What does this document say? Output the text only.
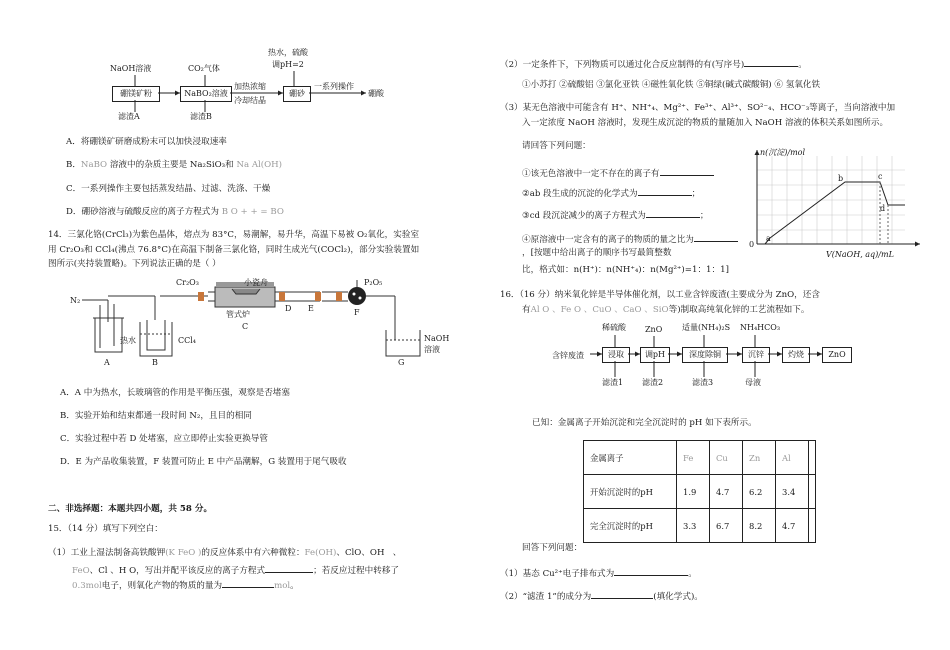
NaOH溶液	CO₂气体
热水，硫酸
调pH=2
硼镁矿粉	NaBO₂溶液	硼砂
加热浓缩
冷却结晶
一系列操作
硼酸
滤渣A	滤渣B
A．将硼镁矿研磨成粉末可以加快浸取速率
B．NaBO 溶液中的杂质主要是 Na₂SiO₃和 Na Al(OH)
C．一系列操作主要包括蒸发结晶、过滤、洗涤、干燥
D．硼砂溶液与硫酸反应的离子方程式为 B O + + = BO
14．三氯化铬(CrCl₃)为紫色晶体，熔点为 83°C，易潮解，易升华，高温下易被 O₂氧化，实验室
用 Cr₂O₃和 CCl₄(沸点 76.8°C)在高温下制备三氯化铬，同时生成光气(COCl₂)，部分实验装置如
图所示(夹持装置略)。下列说法正确的是（ ）
N₂
Cr₂O₃	小瓷舟	P₂O₅
热水	CCl₄
管式炉
A	B
C
D E	F
G
NaOH
溶液
A．A 中为热水，长玻璃管的作用是平衡压强，观察是否堵塞
B．实验开始和结束都通一段时间 N₂，且目的相同
C．实验过程中若 D 处堵塞，应立即停止实验更换导管
D．E 为产品收集装置，F 装置可防止 E 中产品潮解，G 装置用于尾气吸收
二、非选择题：本题共四小题，共 58 分。
15．（14 分）填写下列空白：
（1）工业上湿法制备高铁酸钾(K FeO )的反应体系中有六种微粒：Fe(OH)、ClO、OH 、
FeO、Cl 、H O，写出并配平该反应的离子方程式	；若反应过程中转移了
0.3mol电子，则氧化产物的物质的量为	mol。
（2）一定条件下，下列物质可以通过化合反应制得的有(写序号)	。
①小苏打 ②硫酸铝 ③氯化亚铁 ④磁性氧化铁 ⑤铜绿(碱式碳酸铜) ⑥ 氢氧化铁
（3）某无色溶液中可能含有 H⁺、NH⁺₄、Mg²⁺、Fe³⁺、Al³⁺、SO²⁻₄、HCO⁻₃等离子，当向溶液中加
入一定浓度 NaOH 溶液时，发现生成沉淀的物质的量随加入 NaOH 溶液的体积关系如图所示。
请回答下列问题：
①该无色溶液中一定不存在的离子有
②ab 段生成的沉淀的化学式为	；
③cd 段沉淀减少的离子方程式为	；
④原溶液中一定含有的离子的物质的量之比为
，[按题中给出离子的顺序书写最简整数
比，格式如：n(H⁺)：n(NH⁺₄)：n(Mg²⁺)=1：1：1]
n(沉淀)/mol
V(NaOH, aq)/mL
0
a
b	c
d
16．（16 分）纳米氧化锌是半导体催化剂，以工业含锌废渣(主要成分为 ZnO，还含
有Al O 、Fe O 、CuO 、CaO 、SiO等)制取高纯氧化锌的工艺流程如下。
稀硫酸 ZnO 适量(NH₄)₂S NH₄HCO₃
含锌废渣	浸取	调pH	深度除铜	沉锌	灼烧	ZnO
滤渣1 滤渣2	滤渣3	母液
已知：金属离子开始沉淀和完全沉淀时的 pH 如下表所示。
金属离子	Fe	Cu	Zn	Al	
开始沉淀时的pH	1.9	4.7	6.2	3.4	
完全沉淀时的pH	3.3	6.7	8.2	4.7	
回答下列问题：
（1）基态 Cu²⁺电子排布式为	。
（2）“滤渣 1”的成分为	(填化学式)。
